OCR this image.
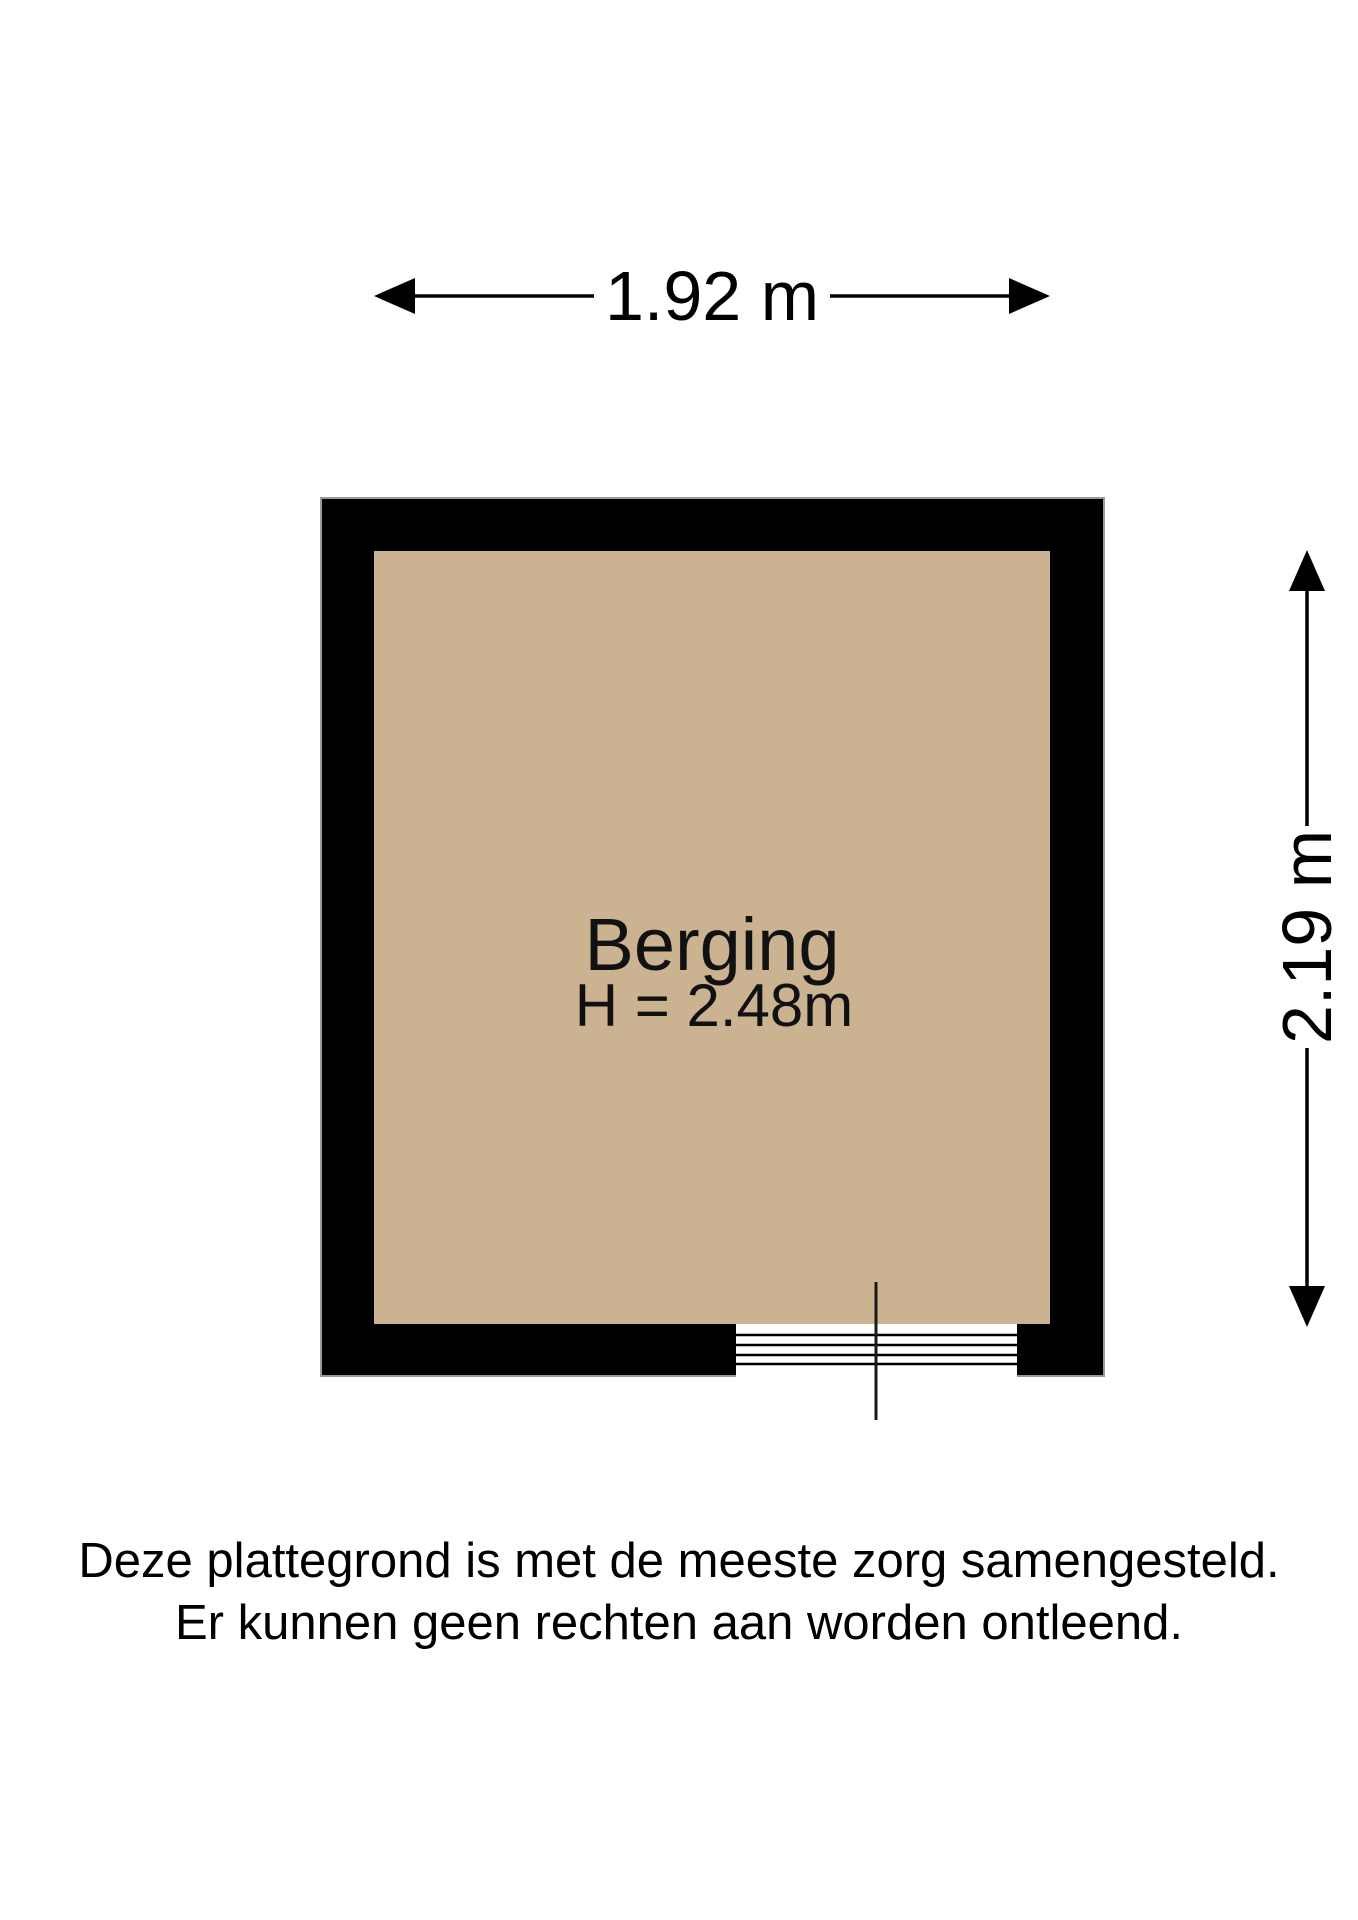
1.92 m
2.19 m
Berging
H = 2.48m
Deze plattegrond is met de meeste zorg samengesteld.
Er kunnen geen rechten aan worden ontleend.
